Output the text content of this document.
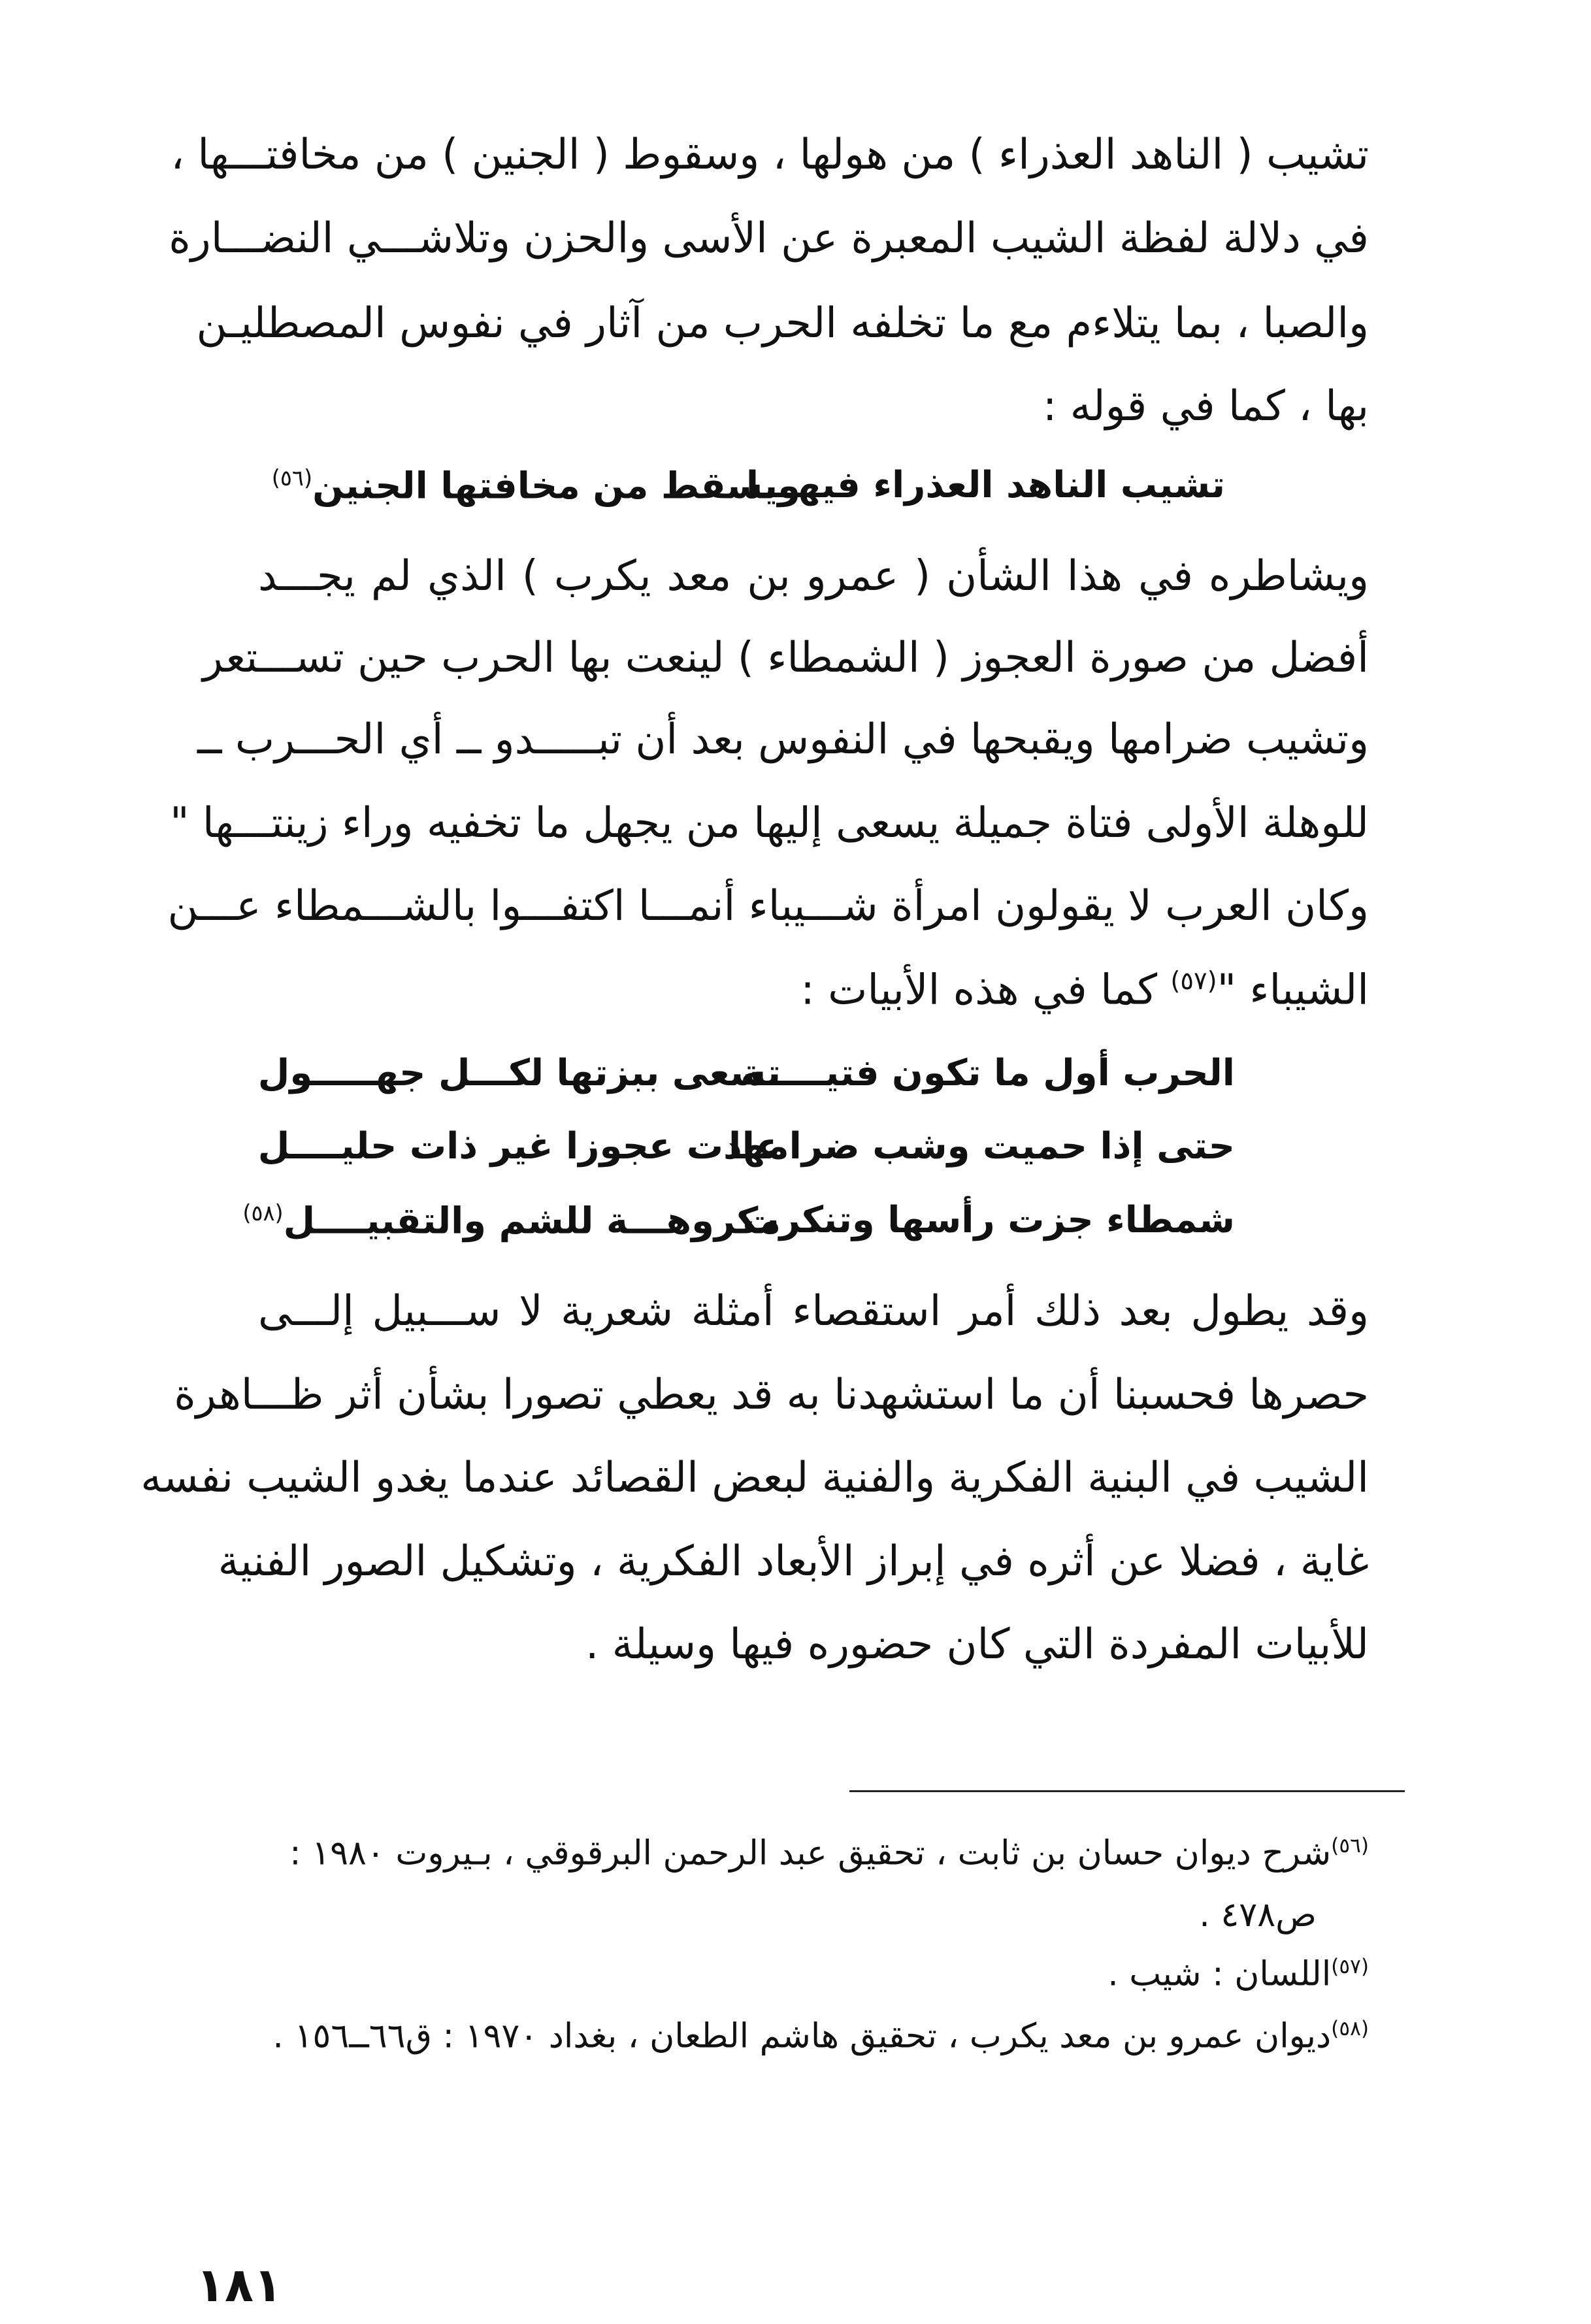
تشيب ( الناهد العذراء ) من هولها ، وسقوط ( الجنين ) من مخافتـــها ،
في دلالة لفظة الشيب المعبرة عن الأسى والحزن وتلاشـــي النضـــارة
والصبا ، بما يتلاءم مع ما تخلفه الحرب من آثار في نفوس المصطليـن
بها ، كما في قوله :
تشيب الناهد العذراء فيهـــا
ويسقط من مخافتها الجنين$^{(٥٦)}$
ويشاطره في هذا الشأن ( عمرو بن معد يكرب ) الذي لم يجـــد
أفضل من صورة العجوز ( الشمطاء ) لينعت بها الحرب حين تســـتعر
وتشيب ضرامها ويقبحها في النفوس بعد أن تبـــــدو ــ أي الحـــرب ــ
للوهلة الأولى فتاة جميلة يسعى إليها من يجهل ما تخفيه وراء زينتـــها "
وكان العرب لا يقولون امرأة شـــيباء أنمـــا اكتفـــوا بالشـــمطاء عـــن
الشيباء "$^{(٥٧)}$ كما في هذه الأبيات :
الحرب أول ما تكون فتيـــــة
تسعى ببزتها لكـــل جهـــــول
حتى إذا حميت وشب ضرامها
عادت عجوزا غير ذات حليــــل
شمطاء جزت رأسها وتنكرت
مكروهـــة للشم والتقبيــــل$^{(٥٨)}$
وقد يطول بعد ذلك أمر استقصاء أمثلة شعرية لا ســـبيل إلـــى
حصرها فحسبنا أن ما استشهدنا به قد يعطي تصورا بشأن أثر ظـــاهرة
الشيب في البنية الفكرية والفنية لبعض القصائد عندما يغدو الشيب نفسه
غاية ، فضلا عن أثره في إبراز الأبعاد الفكرية ، وتشكيل الصور الفنية
للأبيات المفردة التي كان حضوره فيها وسيلة .
$^{(٥٦)}$شرح ديوان حسان بن ثابت ، تحقيق عبد الرحمن البرقوقي ، بـيروت ١٩٨٠ :
ص٤٧٨ .
$^{(٥٧)}$اللسان : شيب .
$^{(٥٨)}$ديوان عمرو بن معد يكرب ، تحقيق هاشم الطعان ، بغداد ١٩٧٠ : ق٦٦ــ١٥٦ .
١٨١
